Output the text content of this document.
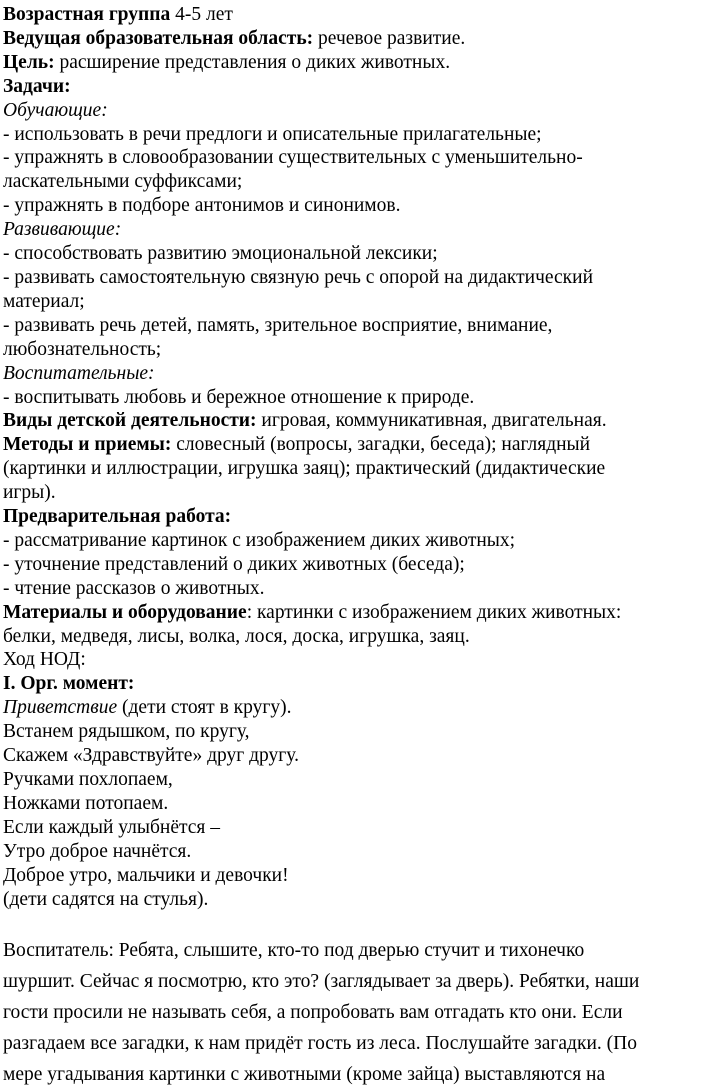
Возрастная группа 4-5 лет

Ведущая образовательная область: речевое развитие.

Цель: расширение представления о диких животных.

Задачи:

Обучающие:

- использовать в речи предлоги и описательные прилагательные;

- упражнять в словообразовании существительных с уменьшительно-

ласкательными суффиксами;

- упражнять в подборе антонимов и синонимов.

Развивающие:

- способствовать развитию эмоциональной лексики;

- развивать самостоятельную связную речь с опорой на дидактический

материал;

- развивать речь детей, память, зрительное восприятие, внимание,

любознательность;

Воспитательные:

- воспитывать любовь и бережное отношение к природе.

Виды детской деятельности: игровая, коммуникативная, двигательная.

Методы и приемы: словесный (вопросы, загадки, беседа); наглядный

(картинки и иллюстрации, игрушка заяц); практический (дидактические

игры).

Предварительная работа:

- рассматривание картинок с изображением диких животных;

- уточнение представлений о диких животных (беседа);

- чтение рассказов о животных.

Материалы и оборудование: картинки с изображением диких животных:

белки, медведя, лисы, волка, лося, доска, игрушка, заяц.

Ход НОД:

I. Орг. момент:

Приветствие (дети стоят в кругу).

Встанем рядышком, по кругу,

Скажем «Здравствуйте» друг другу.

Ручками похлопаем,

Ножками потопаем.

Если каждый улыбнётся –

Утро доброе начнётся.

Доброе утро, мальчики и девочки!

(дети садятся на стулья).

Воспитатель: Ребята, слышите, кто-то под дверью стучит и тихонечко

шуршит. Сейчас я посмотрю, кто это? (заглядывает за дверь). Ребятки, наши

гости просили не называть себя, а попробовать вам отгадать кто они. Если

разгадаем все загадки, к нам придёт гость из леса. Послушайте загадки. (По

мере угадывания картинки с животными (кроме зайца) выставляются на
